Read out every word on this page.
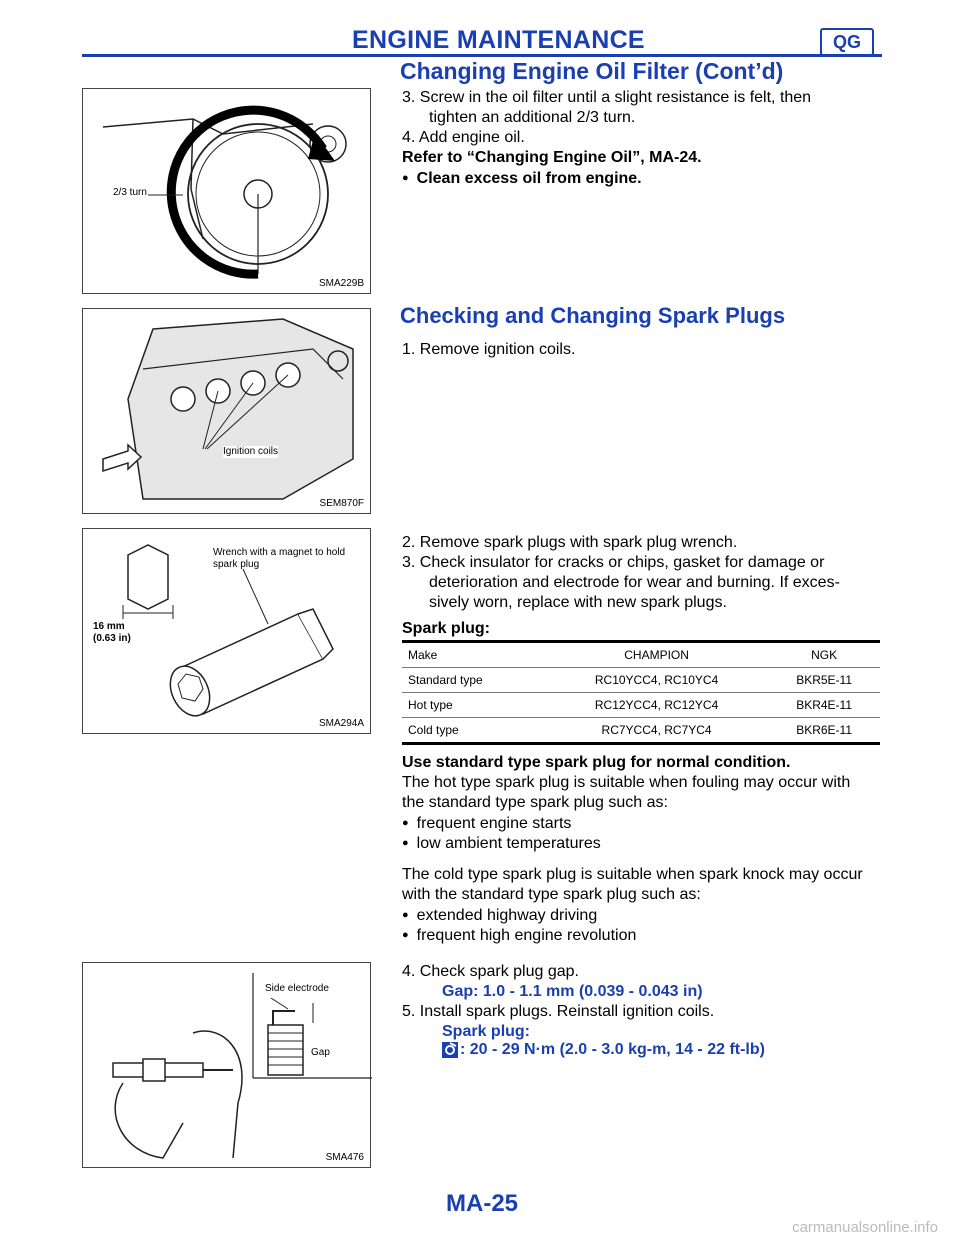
ENGINE MAINTENANCE	QG
Changing Engine Oil Filter (Cont’d)
2/3 turn
SMA229B
3. Screw in the oil filter until a slight resistance is felt, then
tighten an additional 2/3 turn.
4. Add engine oil.
Refer to “Changing Engine Oil”, MA-24.
● Clean excess oil from engine.
Checking and Changing Spark Plugs
Ignition coils
SEM870F
1. Remove ignition coils.
Wrench with a magnet to hold spark plug
16 mm
(0.63 in)
SMA294A
2. Remove spark plugs with spark plug wrench.
3. Check insulator for cracks or chips, gasket for damage or
deterioration and electrode for wear and burning. If exces-
sively worn, replace with new spark plugs.
Spark plug:
Make	CHAMPION	NGK
Standard type	RC10YCC4, RC10YC4	BKR5E-11
Hot type	RC12YCC4, RC12YC4	BKR4E-11
Cold type	RC7YCC4, RC7YC4	BKR6E-11
Use standard type spark plug for normal condition.
The hot type spark plug is suitable when fouling may occur with
the standard type spark plug such as:
● frequent engine starts
● low ambient temperatures
The cold type spark plug is suitable when spark knock may occur
with the standard type spark plug such as:
● extended highway driving
● frequent high engine revolution
Side electrode
Gap
SMA476
4. Check spark plug gap.
Gap: 1.0 - 1.1 mm (0.039 - 0.043 in)
5. Install spark plugs. Reinstall ignition coils.
Spark plug:
: 20 - 29 N·m (2.0 - 3.0 kg-m, 14 - 22 ft-lb)
MA-25
carmanualsonline.info
